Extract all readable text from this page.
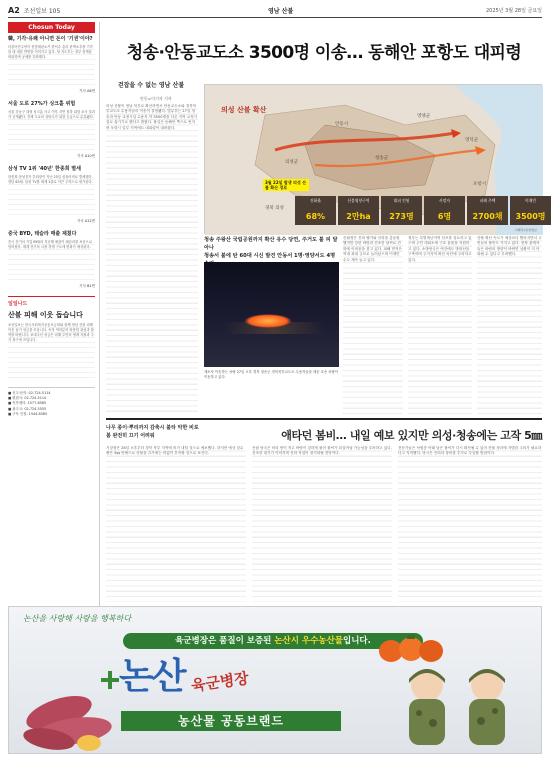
A2 조선일보 105	영남 산불	2025년 3월 28일 금요일
Chosun Today
韓, 기각·유쾌 아니면 돈이 '기권'이야?

더불어민주당이 헌법재판소가 한덕수 총리 탄핵소추를 기각한 데 대한 반발을 이어가고 있다. 당 지도부는 정부 정책을 비판하며 공세를 강화했다.

기사 A6면
서울 도로 27%가 싱크홀 위험

서울 강동구 대형 싱크홀 사고 이후 지반 침하 위험 조사 결과가 공개됐다. 전체 도로의 상당수가 위험 등급으로 분류됐다.

기사 A10면
삼성 TV 1위 '40년' 한종희 별세

한종희 삼성전자 부회장이 지난 25일 심장마비로 별세했다. 향년 63세. 삼성 TV를 세계 1위로 이끈 주역으로 평가된다.

기사 A12면
중국 BYD, 테슬라 매출 제쳤다

중국 전기차 기업 BYD의 지난해 매출이 테슬라를 처음으로 넘어섰다. 세계 전기차 시장 경쟁 구도에 변화가 예상된다.

기사 B1면
일일나드
산불 피해 이웃 돕습니다
조선일보는 한국사회복지공동모금회와 함께 영남 산불 피해 이웃 돕기 성금을 모읍니다. 독자 여러분의 따뜻한 관심과 참여를 바랍니다. 보내주신 성금은 피해 주민의 생계 지원과 주거 복구에 쓰입니다.
■ 신고·문의: 02-724-5114
■ 편집국: 02-724-5114
■ 독자센터: 1577-8585
■ 광고국: 02-724-5555
■ 구독 신청: 1544-8585
청송·안동교도소 3500명 이송… 동해안 포항도 대피령
걷잡을 수 없는 영남 산불
안동=이기자 기자
의성 산불이 영남 북부로 확산하면서 안동교도소와 경북북부교도소 수용자들의 이송이 결정됐다. 법무부는 27일 청송과 안동 교정시설 수용자 약 3500명을 다른 지역 교정시설로 옮기기로 했다고 밝혔다. 불길은 동해안 쪽으로 번지며 포항시 일부 지역에도 대피령이 내려졌다.
산림청은 진화 헬기와 인력을 총동원했지만 강한 바람과 건조한 날씨로 진화에 어려움을 겪고 있다. 피해 면적은 역대 최대 규모로 늘어났으며 이재민 수도 계속 늘고 있다.
정부는 특별재난지역 선포를 검토하고 있으며 주민 대피소에 구호 물품을 지원하고 있다. 소방당국은 야간에도 방화선을 구축하며 주거지역 확산 차단에 주력하고 있다.
산불 확산 속도가 예상보다 빨라지면서 주민들의 불안도 커지고 있다. 현장 관계자들은 바람의 방향이 바뀌면 상황이 더 악화될 수 있다고 우려했다.
의성 산불 확산
안동시
청송군
영양군
영덕군
의성군
포항시
경북 의성
3월 22일 발생 의성 산불 확산 경로
진화율
68%
산불영향구역
2만ha
대피 인원
273명
사망자
6명
피해 주택
2700채
이재민
3500명
그래픽=조선일보
청송 주왕산 국립공원까지 확산 유수 당연, 주거도 불 피 달아나
청송서 불에 탄 60대 시신 발견 안동서 1명·영양서도 4명
재소자 이송하는 차량 27일 오후 경북 청송군 경북북부교도소 수용자들을 태운 호송 차량이 이동하고 있다.
나무 종이·뿌리까지 감축시 불타 악한 비로 봄 완전히 끄기 어려워	애타던 봄비… 내일 예보 있지만 의성·청송에는 고작 5㎜
기상청은 28일 오후부터 경북 북부 지역에 비가 내릴 것으로 예보했다. 하지만 예상 강수량은 5㎜ 안팎으로 산불을 끄기에는 턱없이 부족할 것으로 보인다.
산림 당국은 비의 양이 적고 바람이 강하게 불어 불씨가 되살아날 가능성을 우려하고 있다. 건조한 대기가 이어지며 진화 작업이 장기화될 전망이다.
전문가들은 낙엽층 아래 남은 불씨가 다시 확산될 수 있어 잔불 정리에 각별한 주의가 필요하다고 지적했다. 당국은 인력과 장비를 추가로 투입할 방침이다.
논산을 사랑해 사랑을 행복하다
육군병장은 품질이 보증된 논산시 우수농산물입니다.
논산 육군병장
농산물 공동브랜드
